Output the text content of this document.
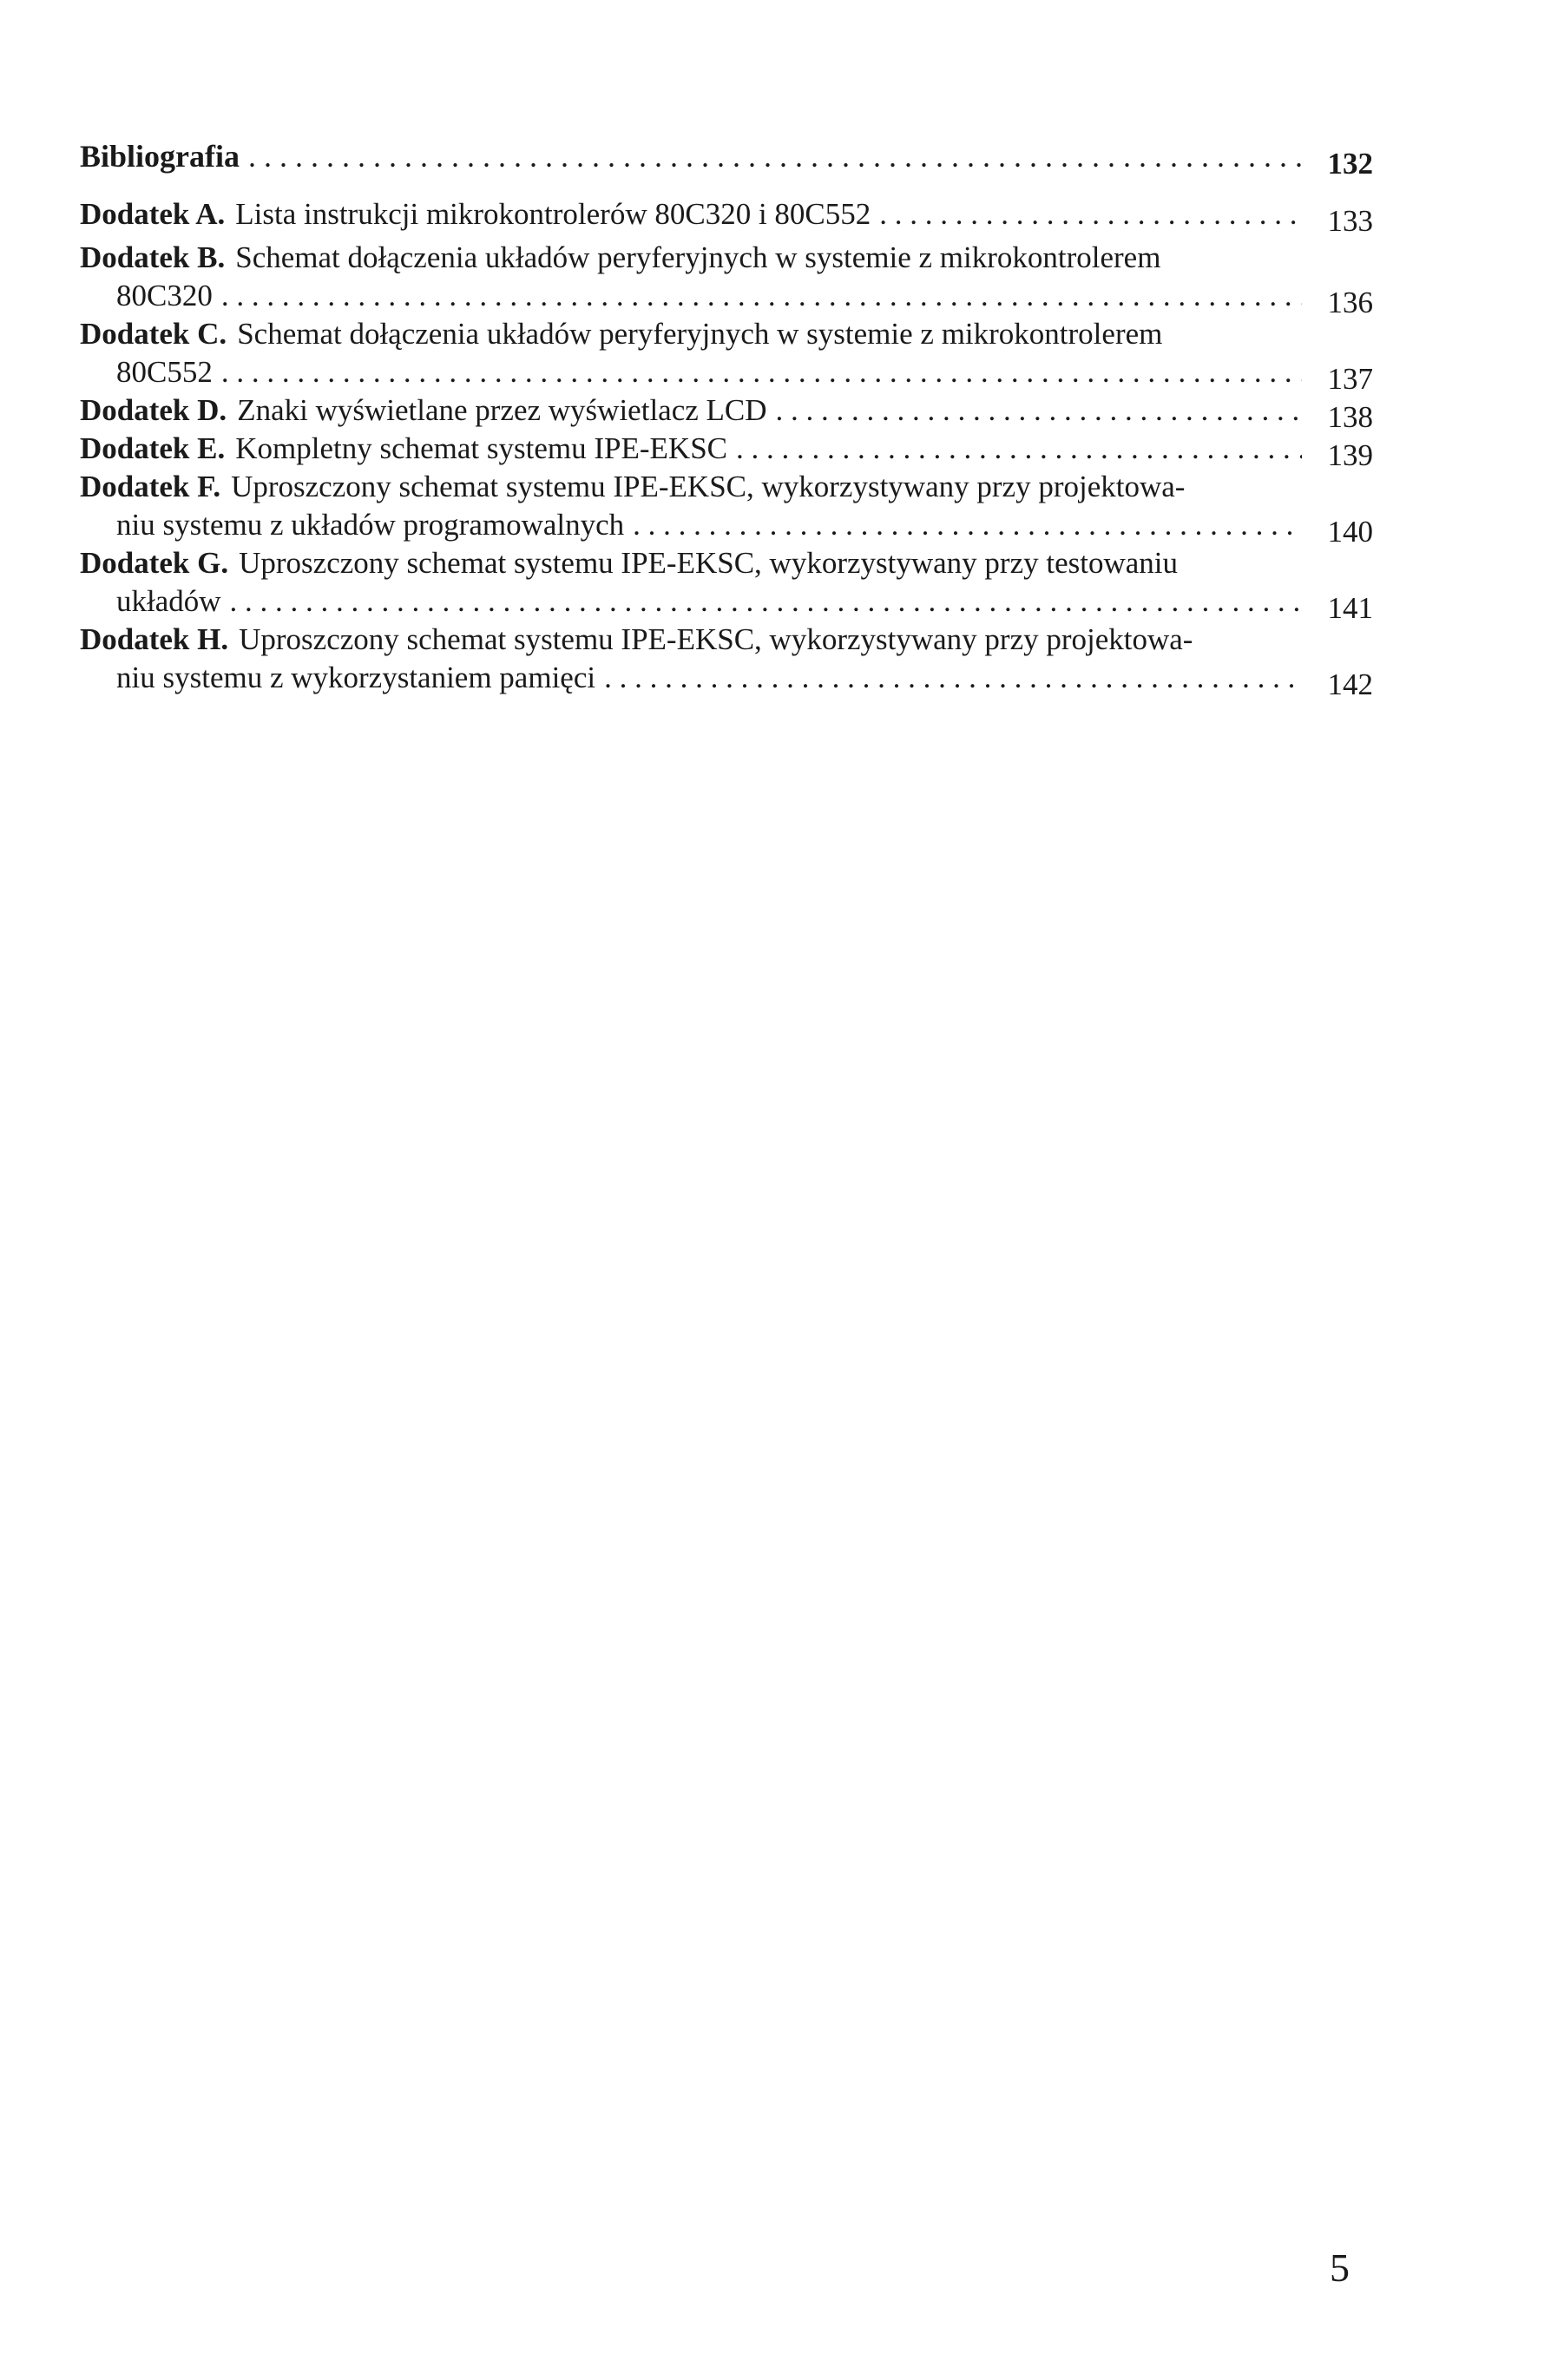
Bibliografia . . .	132
Dodatek A. Lista instrukcji mikrokontrolerów 80C320 i 80C552 . . .	133
Dodatek B. Schemat dołączenia układów peryferyjnych w systemie z mikrokontrolerem
80C320 . . .	136
Dodatek C. Schemat dołączenia układów peryferyjnych w systemie z mikrokontrolerem
80C552 . . .	137
Dodatek D. Znaki wyświetlane przez wyświetlacz LCD . . .	138
Dodatek E. Kompletny schemat systemu IPE-EKSC . . .	139
Dodatek F. Uproszczony schemat systemu IPE-EKSC, wykorzystywany przy projektowa-
niu systemu z układów programowalnych . . .	140
Dodatek G. Uproszczony schemat systemu IPE-EKSC, wykorzystywany przy testowaniu
układów . . .	141
Dodatek H. Uproszczony schemat systemu IPE-EKSC, wykorzystywany przy projektowa-
niu systemu z wykorzystaniem pamięci . . .	142
5
